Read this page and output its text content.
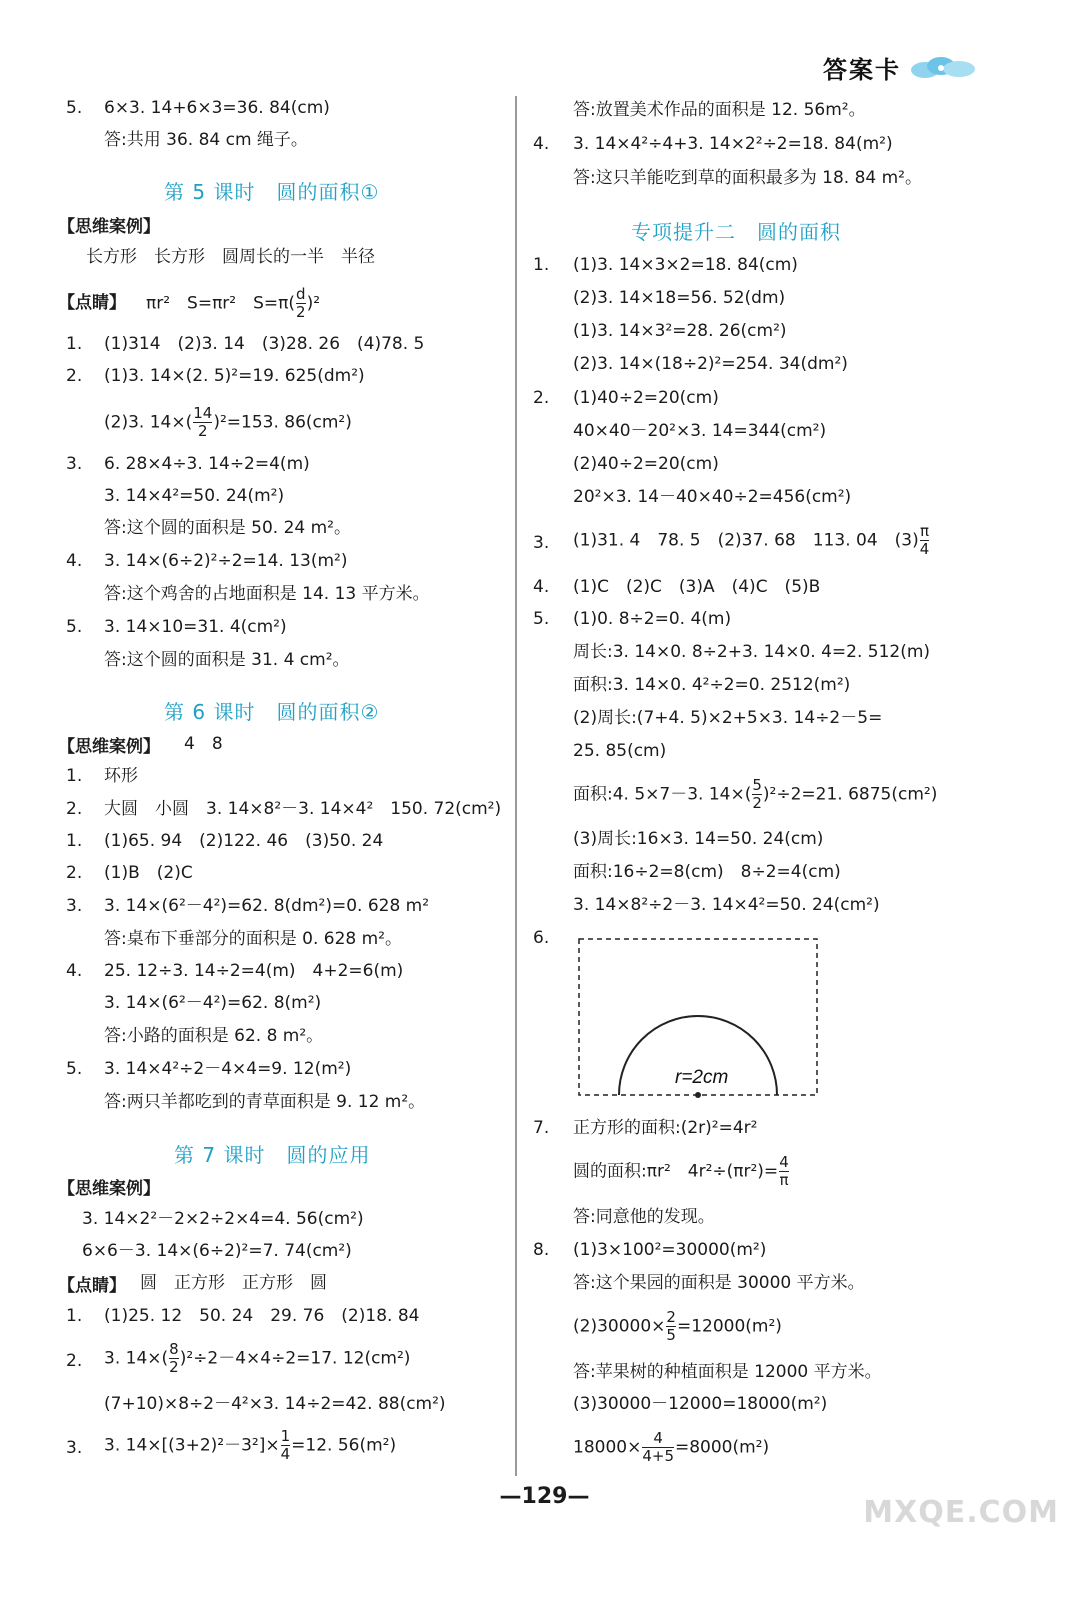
答案卡
5. 6×3. 14+6×3=36. 84(cm)
答:共用 36. 84 cm 绳子。
第 5 课时　圆的面积①
【思维案例】
长方形　长方形　圆周长的一半　半径
【点睛】 πr²　S=πr²　$S=\pi( \frac{d}{2} )^2$
1. (1)314　(2)3. 14　(3)28. 26　(4)78. 5
2. (1)3. 14×(2. 5)²=19. 625(dm²)
(2)3. $14\times( \frac{14}{2} )^2=153$. 86(cm²)
3. 6. 28×4÷3. 14÷2=4(m)
3. 14×4²=50. 24(m²)
答:这个圆的面积是 50. 24 m²。
4. 3. 14×(6÷2)²÷2=14. 13(m²)
答:这个鸡舍的占地面积是 14. 13 平方米。
5. 3. 14×10=31. 4(cm²)
答:这个圆的面积是 31. 4 cm²。
第 6 课时　圆的面积②
【思维案例】 4　8
1. 环形
2. 大圆　小圆　3. 14×8²－3. 14×4²　150. 72(cm²)
1. (1)65. 94　(2)122. 46　(3)50. 24
2. (1)B　(2)C
3. 3. 14×(6²－4²)=62. 8(dm²)=0. 628 m²
答:桌布下垂部分的面积是 0. 628 m²。
4. 25. 12÷3. 14÷2=4(m)　4+2=6(m)
3. 14×(6²－4²)=62. 8(m²)
答:小路的面积是 62. 8 m²。
5. 3. 14×4²÷2－4×4=9. 12(m²)
答:两只羊都吃到的青草面积是 9. 12 m²。
第 7 课时　圆的应用
【思维案例】
3. 14×2²－2×2÷2×4=4. 56(cm²)
6×6－3. 14×(6÷2)²=7. 74(cm²)
【点睛】 圆　正方形　正方形　圆
1. (1)25. 12　50. 24　29. 76　(2)18. 84
2. 3. $14\times( \frac{8}{2} )^2\div 2-4\times 4\div 2=17$. 12(cm²)
(7+10)×8÷2－4²×3. 14÷2=42. 88(cm²)
3. 3. $14\times[(3+2)^2-3^2]\times \frac{1}{4} =12$. 56(m²)
答:放置美术作品的面积是 12. 56m²。
4. 3. 14×4²÷4+3. 14×2²÷2=18. 84(m²)
答:这只羊能吃到草的面积最多为 18. 84 m²。
专项提升二　圆的面积
1. (1)3. 14×3×2=18. 84(cm)
(2)3. 14×18=56. 52(dm)
(1)3. 14×3²=28. 26(cm²)
(2)3. 14×(18÷2)²=254. 34(dm²)
2. (1)40÷2=20(cm)
40×40－20²×3. 14=344(cm²)
(2)40÷2=20(cm)
20²×3. 14－40×40÷2=456(cm²)
3. (1)31. 4　78. 5　(2)37. 68　113. 04　$(3) \frac{\pi}{4}$
4. (1)C　(2)C　(3)A　(4)C　(5)B
5. (1)0. 8÷2=0. 4(m)
周长:3. 14×0. 8÷2+3. 14×0. 4=2. 512(m)
面积:3. 14×0. 4²÷2=0. 2512(m²)
(2)周长:(7+4. 5)×2+5×3. 14÷2－5=
25. 85(cm)
面积:4. 5×7－3. $14\times( \frac{5}{2} )^2\div 2=21$. 6875(cm²)
(3)周长:16×3. 14=50. 24(cm)
面积:16÷2=8(cm)　8÷2=4(cm)
3. 14×8²÷2－3. 14×4²=50. 24(cm²)
6.
7. 正方形的面积:(2r)²=4r²
圆的面积:πr²　$4r^2\div(\pi r^2)= \frac{4}{\pi}$
答:同意他的发现。
8. (1)3×100²=30000(m²)
答:这个果园的面积是 30000 平方米。
$(2)30000\times \frac{2}{5} =12000(m^2)$
答:苹果树的种植面积是 12000 平方米。
(3)30000－12000=18000(m²)
$18000\times \frac{4}{4+5} =8000(m^2)$
r=2cm
—129—	MXQE.COM
